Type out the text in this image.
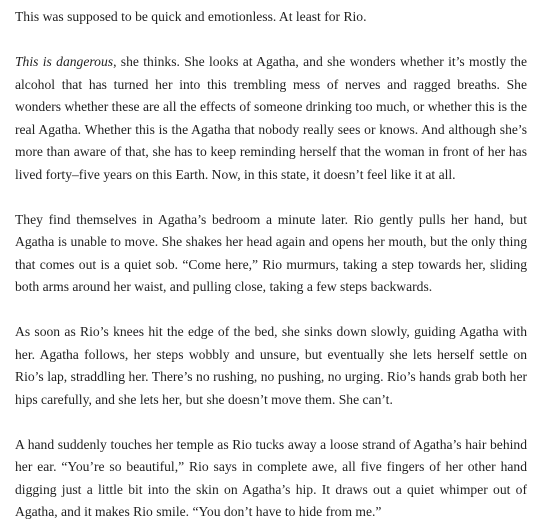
This was supposed to be quick and emotionless. At least for Rio.

This is dangerous, she thinks. She looks at Agatha, and she wonders whether it’s mostly the alcohol that has turned her into this trembling mess of nerves and ragged breaths. She wonders whether these are all the effects of someone drinking too much, or whether this is the real Agatha. Whether this is the Agatha that nobody really sees or knows. And although she’s more than aware of that, she has to keep reminding herself that the woman in front of her has lived forty–five years on this Earth. Now, in this state, it doesn’t feel like it at all.

They find themselves in Agatha’s bedroom a minute later. Rio gently pulls her hand, but Agatha is unable to move. She shakes her head again and opens her mouth, but the only thing that comes out is a quiet sob. “Come here,” Rio murmurs, taking a step towards her, sliding both arms around her waist, and pulling close, taking a few steps backwards.

As soon as Rio’s knees hit the edge of the bed, she sinks down slowly, guiding Agatha with her. Agatha follows, her steps wobbly and unsure, but eventually she lets herself settle on Rio’s lap, straddling her. There’s no rushing, no pushing, no urging. Rio’s hands grab both her hips carefully, and she lets her, but she doesn’t move them. She can’t.

A hand suddenly touches her temple as Rio tucks away a loose strand of Agatha’s hair behind her ear. “You’re so beautiful,” Rio says in complete awe, all five fingers of her other hand digging just a little bit into the skin on Agatha’s hip. It draws out a quiet whimper out of Agatha, and it makes Rio smile. “You don’t have to hide from me.”
